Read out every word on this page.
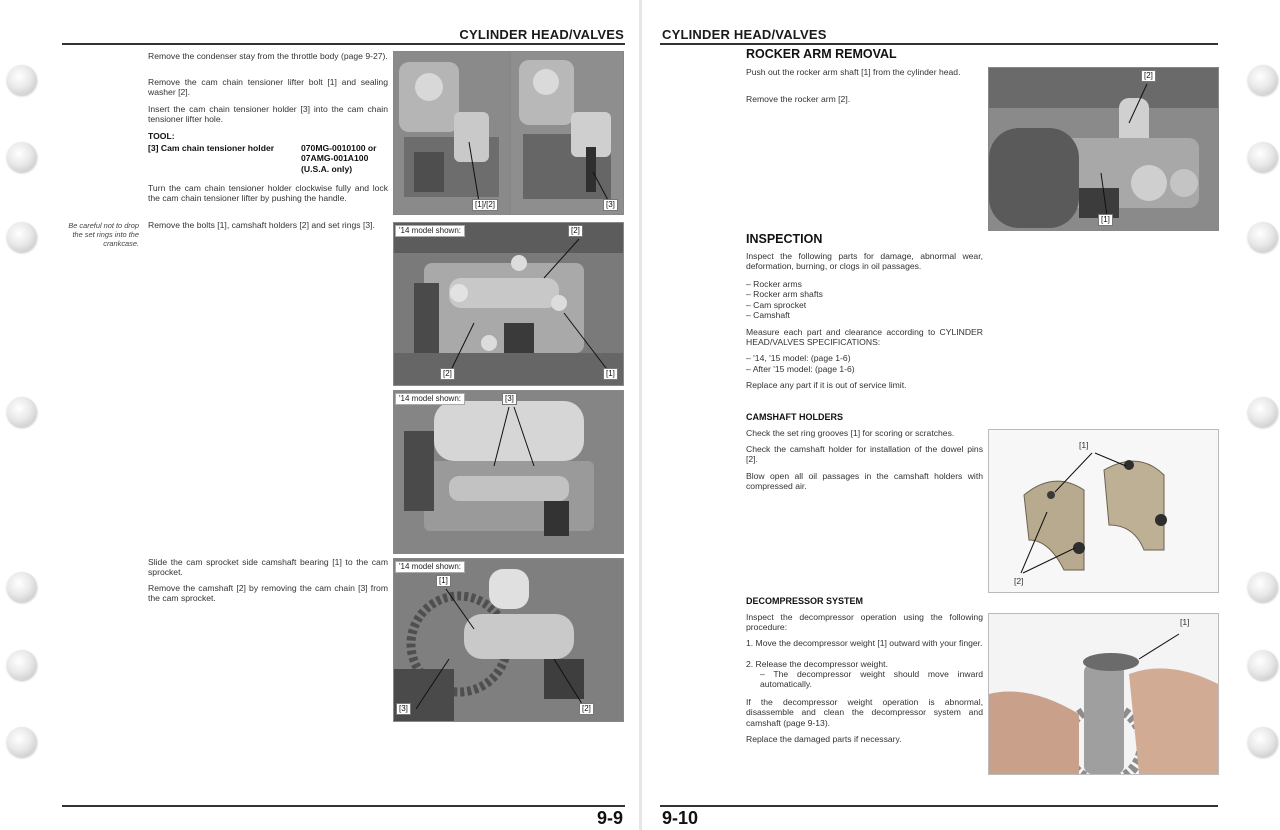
CYLINDER HEAD/VALVES
Remove the condenser stay from the throttle body (page 9-27).
Remove the cam chain tensioner lifter bolt [1] and sealing washer [2].
Insert the cam chain tensioner holder [3] into the cam chain tensioner lifter hole.
TOOL:
[3] Cam chain tensioner holder	070MG-0010100 or 07AMG-001A100 (U.S.A. only)
Turn the cam chain tensioner holder clockwise fully and lock the cam chain tensioner lifter by pushing the handle.
Be careful not to drop the set rings into the crankcase.
Remove the bolts [1], camshaft holders [2] and set rings [3].
Slide the cam sprocket side camshaft bearing [1] to the cam sprocket.
Remove the camshaft [2] by removing the cam chain [3] from the cam sprocket.
[1]/[2]	[3]
'14 model shown:	[2]
[2]	[1]
'14 model shown:	[3]
'14 model shown:
[1]
[3]	[2]
9-9
CYLINDER HEAD/VALVES
ROCKER ARM REMOVAL
Push out the rocker arm shaft [1] from the cylinder head.
Remove the rocker arm [2].
[2]
[1]
INSPECTION
Inspect the following parts for damage, abnormal wear, deformation, burning, or clogs in oil passages.
– Rocker arms
– Rocker arm shafts
– Cam sprocket
– Camshaft
Measure each part and clearance according to CYLINDER HEAD/VALVES SPECIFICATIONS:
– '14, '15 model: (page 1-6)
– After '15 model: (page 1-6)
Replace any part if it is out of service limit.
CAMSHAFT HOLDERS
Check the set ring grooves [1] for scoring or scratches.
Check the camshaft holder for installation of the dowel pins [2].
Blow open all oil passages in the camshaft holders with compressed air.
[1]
[2]
DECOMPRESSOR SYSTEM
Inspect the decompressor operation using the following procedure:
1. Move the decompressor weight [1] outward with your finger.
2. Release the decompressor weight.
– The decompressor weight should move inward automatically.
If the decompressor weight operation is abnormal, disassemble and clean the decompressor system and camshaft (page 9-13).
Replace the damaged parts if necessary.
[1]
9-10
